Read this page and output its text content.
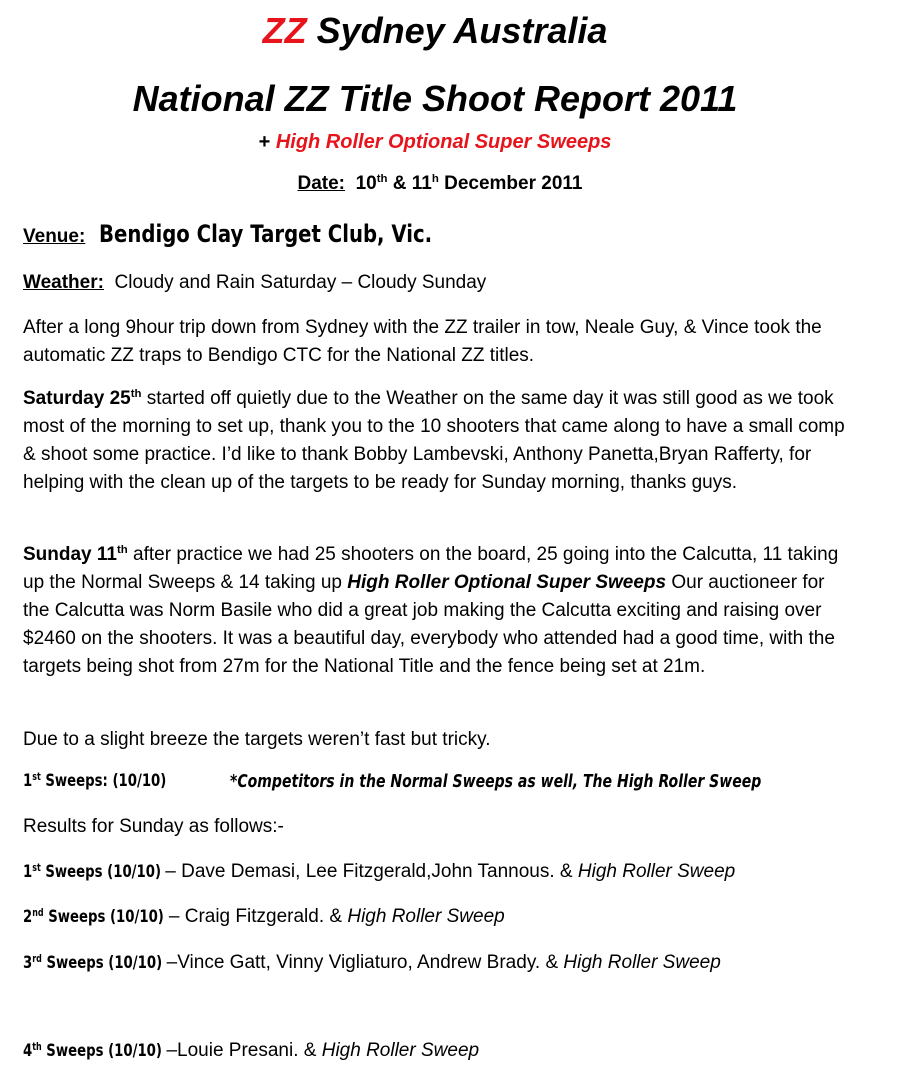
ZZ Sydney Australia
National ZZ Title Shoot Report 2011
+ High Roller Optional Super Sweeps
Date: 10th & 11$^h$ December 2011
Venue: Bendigo Clay Target Club, Vic.
Weather: Cloudy and Rain Saturday – Cloudy Sunday

After a long 9hour trip down from Sydney with the ZZ trailer in tow, Neale Guy, & Vince took the automatic ZZ traps to Bendigo CTC for the National ZZ titles.

Saturday 25th started off quietly due to the Weather on the same day it was still good as we took most of the morning to set up, thank you to the 10 shooters that came along to have a small comp & shoot some practice. I’d like to thank Bobby Lambevski, Anthony Panetta,Bryan Rafferty, for helping with the clean up of the targets to be ready for Sunday morning, thanks guys.

Sunday 11th after practice we had 25 shooters on the board, 25 going into the Calcutta, 11 taking up the Normal Sweeps & 14 taking up High Roller Optional Super Sweeps Our auctioneer for the Calcutta was Norm Basile who did a great job making the Calcutta exciting and raising over $2460 on the shooters. It was a beautiful day, everybody who attended had a good time, with the targets being shot from 27m for the National Title and the fence being set at 21m.

Due to a slight breeze the targets weren’t fast but tricky.

1st Sweeps: (10/10)	*Competitors in the Normal Sweeps as well, The High Roller Sweep
Results for Sunday as follows:-
1st Sweeps (10/10) – Dave Demasi, Lee Fitzgerald,John Tannous. & High Roller Sweep
2nd Sweeps (10/10) – Craig Fitzgerald. & High Roller Sweep
3rd Sweeps (10/10) –Vince Gatt, Vinny Vigliaturo, Andrew Brady. & High Roller Sweep
4th Sweeps (10/10) –Louie Presani. & High Roller Sweep
